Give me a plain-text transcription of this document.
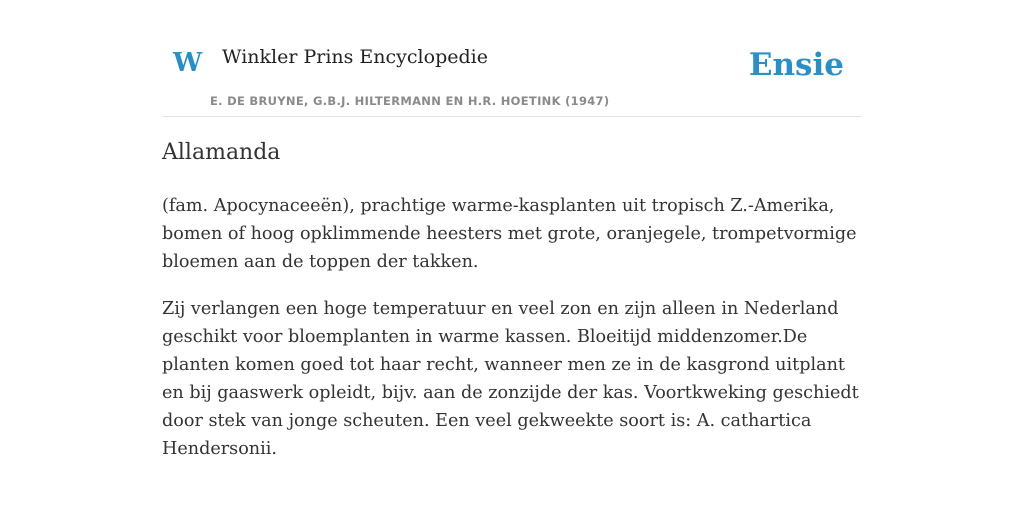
W Winkler Prins Encyclopedie
E. DE BRUYNE, G.B.J. HILTERMANN EN H.R. HOETINK (1947)
Ensie
Allamanda

(fam. Apocynaceeën), prachtige warme-kasplanten uit tropisch Z.-Amerika, bomen of hoog opklimmende heesters met grote, oranjegele, trompetvormige bloemen aan de toppen der takken.

Zij verlangen een hoge temperatuur en veel zon en zijn alleen in Nederland geschikt voor bloemplanten in warme kassen. Bloeitijd middenzomer.De planten komen goed tot haar recht, wanneer men ze in de kasgrond uitplant en bij gaaswerk opleidt, bijv. aan de zonzijde der kas. Voortkweking geschiedt door stek van jonge scheuten. Een veel gekweekte soort is: A. cathartica Hendersonii.
